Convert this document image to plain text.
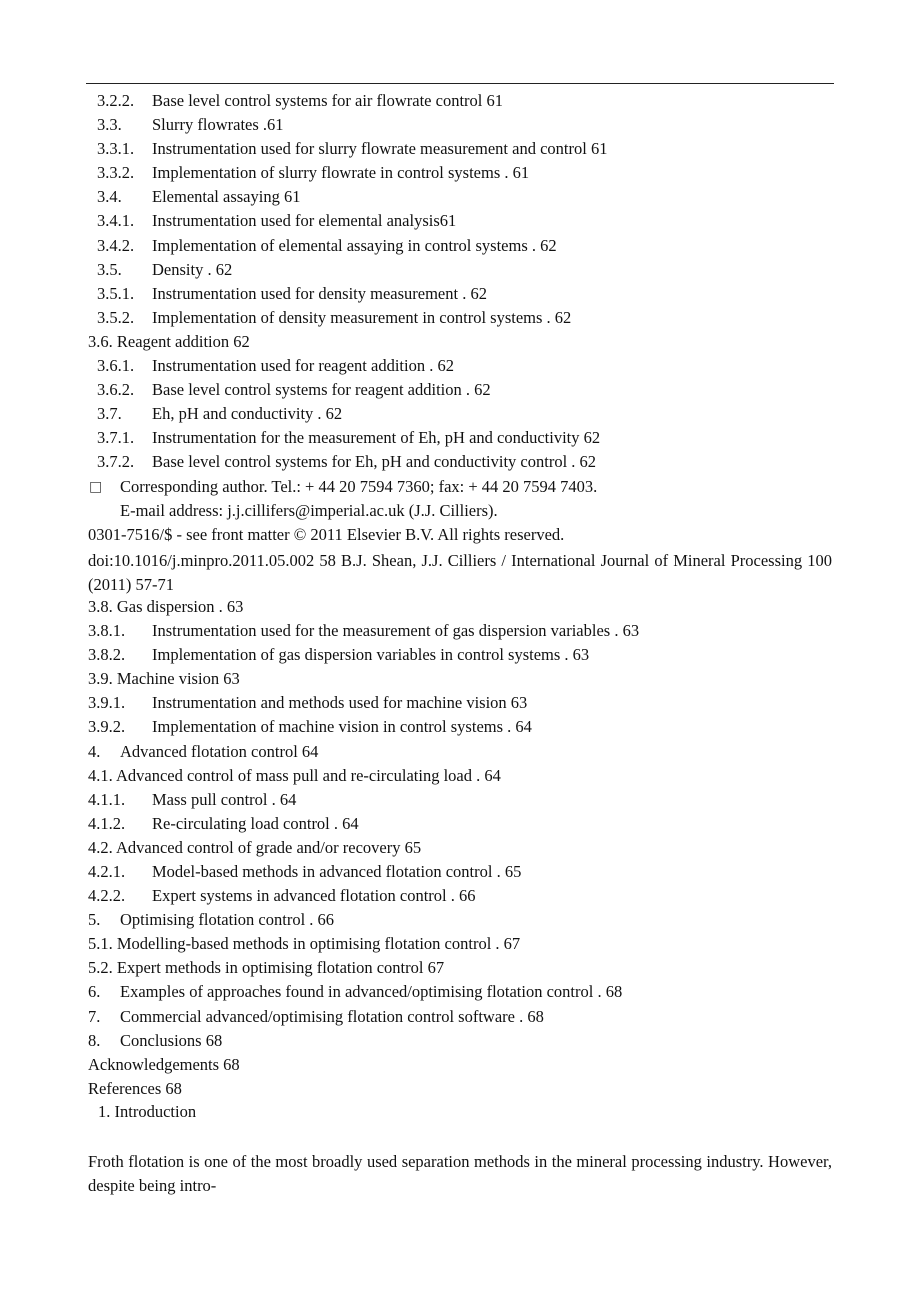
3.2.2. Base level control systems for air flowrate control 61
3.3. Slurry flowrates .61
3.3.1. Instrumentation used for slurry flowrate measurement and control 61
3.3.2. Implementation of slurry flowrate in control systems . 61
3.4. Elemental assaying 61
3.4.1. Instrumentation used for elemental analysis61
3.4.2. Implementation of elemental assaying in control systems . 62
3.5. Density . 62
3.5.1. Instrumentation used for density measurement . 62
3.5.2. Implementation of density measurement in control systems . 62
3.6. Reagent addition 62
3.6.1. Instrumentation used for reagent addition . 62
3.6.2. Base level control systems for reagent addition . 62
3.7. Eh, pH and conductivity . 62
3.7.1. Instrumentation for the measurement of Eh, pH and conductivity 62
3.7.2. Base level control systems for Eh, pH and conductivity control . 62
□ Corresponding author. Tel.: + 44 20 7594 7360; fax: + 44 20 7594 7403.
E-mail address: j.j.cillifers@imperial.ac.uk (J.J. Cilliers).
0301-7516/$ - see front matter © 2011 Elsevier B.V. All rights reserved.
doi:10.1016/j.minpro.2011.05.002 58 B.J. Shean, J.J. Cilliers / International Journal of Mineral Processing 100 (2011) 57-71
3.8. Gas dispersion . 63
3.8.1. Instrumentation used for the measurement of gas dispersion variables . 63
3.8.2. Implementation of gas dispersion variables in control systems . 63
3.9. Machine vision 63
3.9.1. Instrumentation and methods used for machine vision 63
3.9.2. Implementation of machine vision in control systems . 64
4. Advanced flotation control 64
4.1. Advanced control of mass pull and re-circulating load . 64
4.1.1. Mass pull control . 64
4.1.2. Re-circulating load control . 64
4.2. Advanced control of grade and/or recovery 65
4.2.1. Model-based methods in advanced flotation control . 65
4.2.2. Expert systems in advanced flotation control . 66
5. Optimising flotation control . 66
5.1. Modelling-based methods in optimising flotation control . 67
5.2. Expert methods in optimising flotation control 67
6. Examples of approaches found in advanced/optimising flotation control . 68
7. Commercial advanced/optimising flotation control software . 68
8. Conclusions 68
Acknowledgements 68
References 68
1. Introduction
Froth flotation is one of the most broadly used separation methods in the mineral processing industry. However, despite being intro-
